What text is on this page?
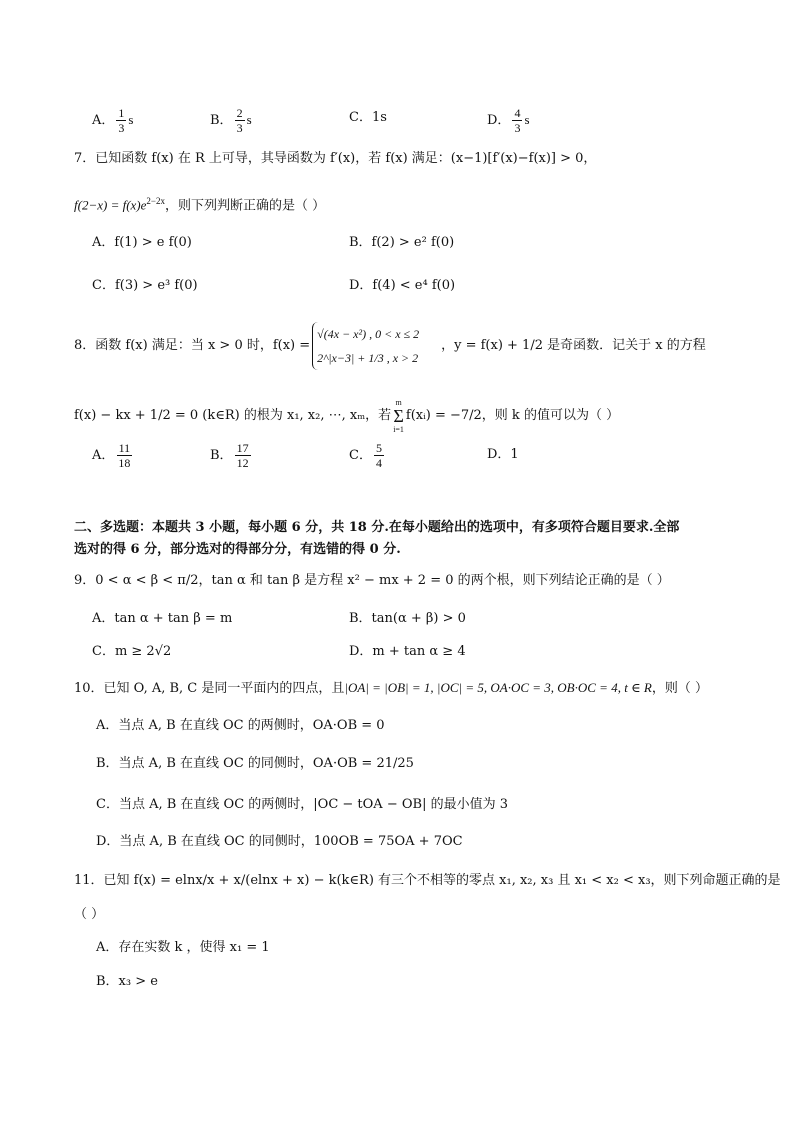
A． $\frac{1}{3}$ s	B． $\frac{2}{3}$ s	C．1s	D． $\frac{4}{3}$ s
7．已知函数 f(x) 在 R 上可导，其导函数为 f′(x)，若 f(x) 满足：(x−1)[f′(x)−f(x)] > 0，
$f(2-x) = f(x)e^{2-2x}$，则下列判断正确的是（ ）
A．f(1) > e f(0)	B．f(2) > e² f(0)
C．f(3) > e³ f(0)	D．f(4) < e⁴ f(0)
8．函数 f(x) 满足：当 x > 0 时，f(x) =
√(4x − x²) , 0 < x ≤ 2
2^|x−3| + 1/3 , x > 2
，y = f(x) + 1/2 是奇函数．记关于 x 的方程
f(x) − kx + 1/2 = 0 (k∈R) 的根为 x₁, x₂, ⋯, xₘ，若
m
Σ
i=1
f(xᵢ) = −7/2，则 k 的值可以为（ ）
A． $\frac{11}{18}$	B． $\frac{17}{12}$	C． $\frac{5}{4}$	D．1
二、多选题：本题共 3 小题，每小题 6 分，共 18 分.在每小题给出的选项中，有多项符合题目要求.全部
选对的得 6 分，部分选对的得部分分，有选错的得 0 分.
9．0 < α < β < π/2，tan α 和 tan β 是方程 x² − mx + 2 = 0 的两个根，则下列结论正确的是（ ）
A．tan α + tan β = m	B．tan(α + β) > 0
C．m ≥ 2√2	D．m + tan α ≥ 4
10．已知 O, A, B, C 是同一平面内的四点，且|OA| = |OB| = 1, |OC| = 5, OA·OC = 3, OB·OC = 4, t ∈ R，则（ ）
A．当点 A, B 在直线 OC 的两侧时，OA·OB = 0
B．当点 A, B 在直线 OC 的同侧时，OA·OB = 21/25
C．当点 A, B 在直线 OC 的两侧时，|OC − tOA − OB| 的最小值为 3
D．当点 A, B 在直线 OC 的同侧时，100OB = 75OA + 7OC
11．已知 f(x) = elnx/x + x/(elnx + x) − k(k∈R) 有三个不相等的零点 x₁, x₂, x₃ 且 x₁ < x₂ < x₃，则下列命题正确的是
（ ）
A．存在实数 k ，使得 x₁ = 1
B．x₃ > e
